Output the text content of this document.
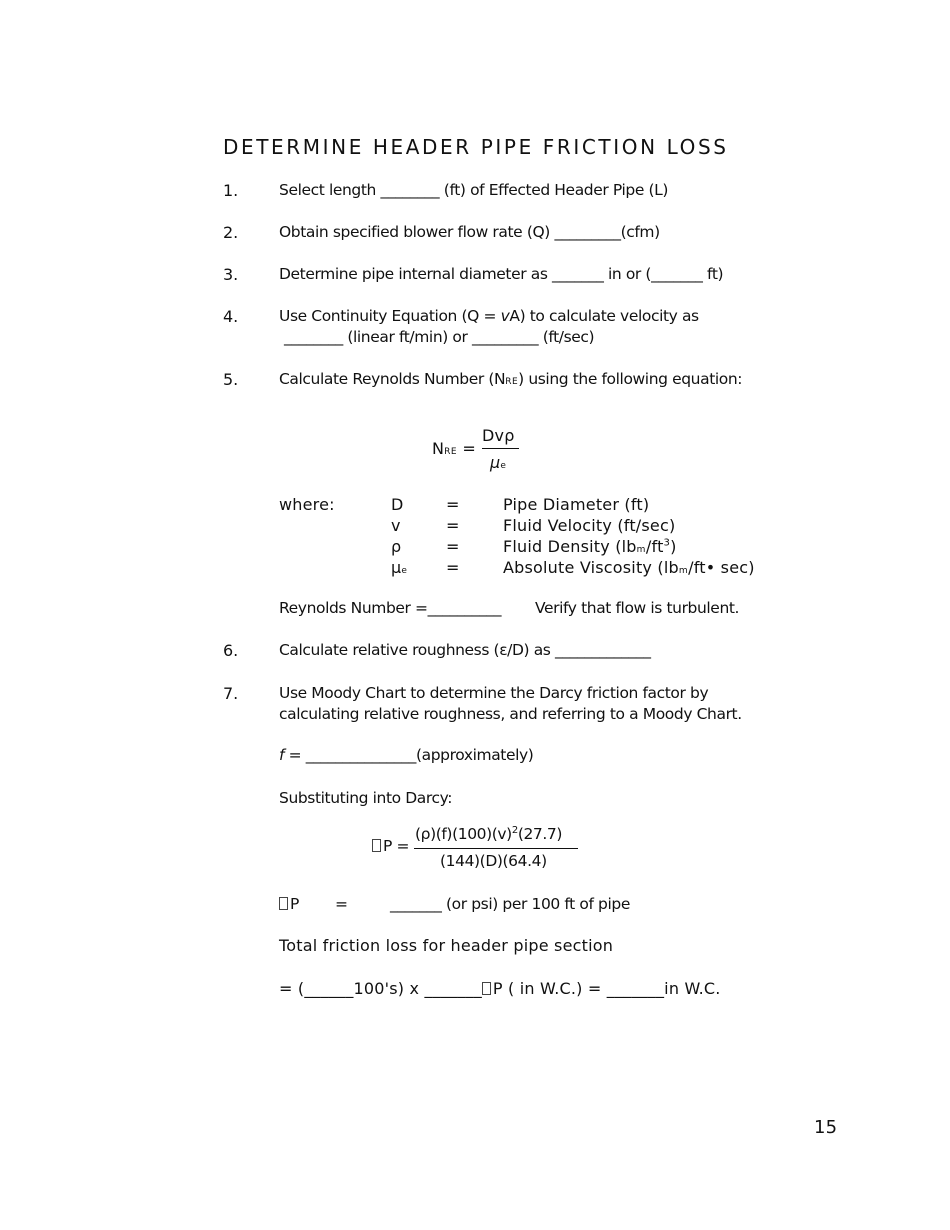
DETERMINE HEADER PIPE FRICTION LOSS
1.	Select length ________ (ft) of Effected Header Pipe (L)
2.	Obtain specified blower flow rate (Q) _________(cfm)
3.	Determine pipe internal diameter as _______ in or (_______ ft)
4.	Use Continuity Equation (Q = vA) to calculate velocity as
________ (linear ft/min) or _________ (ft/sec)
5.	Calculate Reynolds Number (NRE) using the following equation:
NRE =
Dvρ
μe
where:	D	=	Pipe Diameter (ft)
v	=	Fluid Velocity (ft/sec)
ρ	=	Fluid Density $(lbm/ft^3)$
μe =	Absolute Viscosity (lbm/ft• sec)
Reynolds Number =__________ Verify that flow is turbulent.
6.	Calculate relative roughness (ε/D) as _____________
7.	Use Moody Chart to determine the Darcy friction factor by
calculating relative roughness, and referring to a Moody Chart.
f = _______________(approximately)
Substituting into Darcy:
P =
$(\rho)(f)(100)(v)^2(27.7)$
(144)(D)(64.4)
P =	_______ (or psi) per 100 ft of pipe
Total friction loss for header pipe section
= (______100's) x _______ P ( in W.C.) = _______in W.C.
15
